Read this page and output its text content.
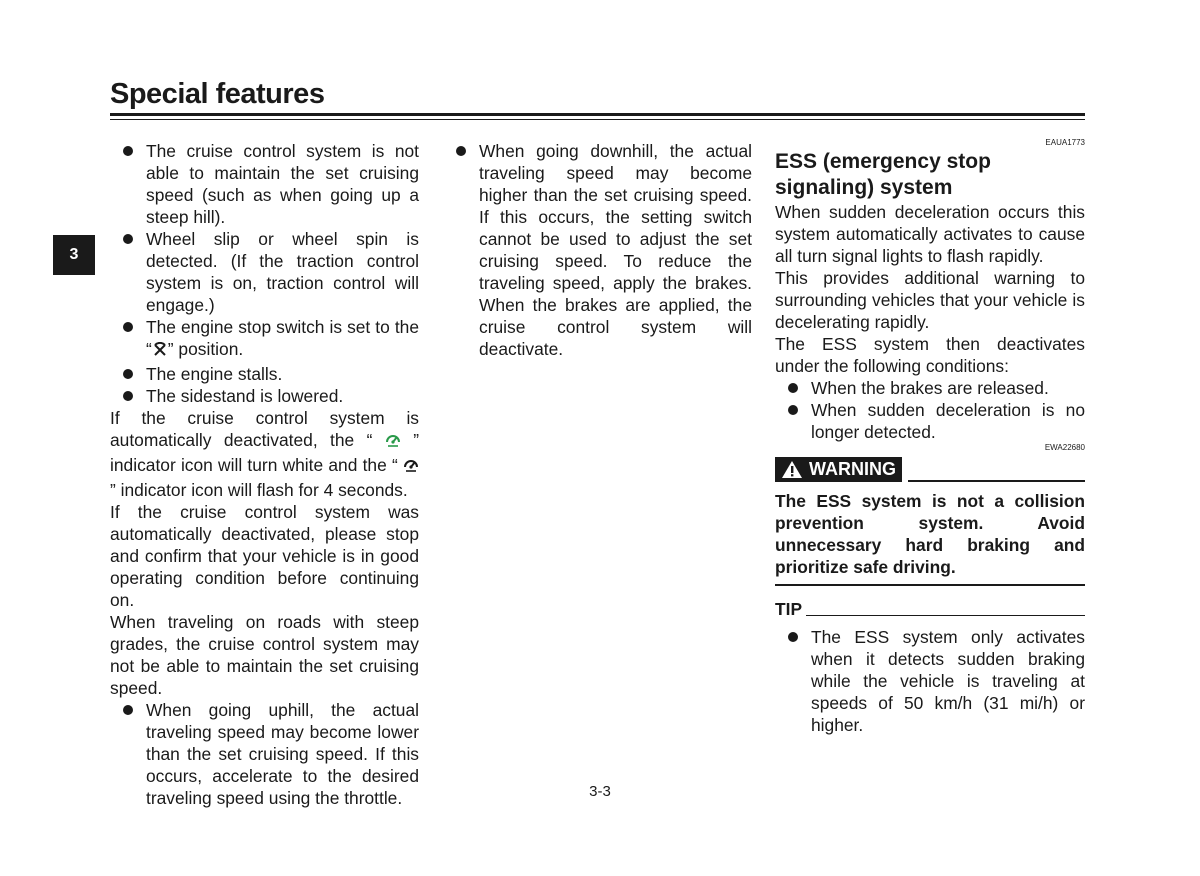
Special features
3
The cruise control system is not able to maintain the set cruising speed (such as when going up a steep hill).
Wheel slip or wheel spin is detected. (If the traction control system is on, traction control will engage.)
The engine stop switch is set to the “ ” position.
The engine stalls.
The sidestand is lowered.

If the cruise control system is automatically deactivated, the “  ” indicator icon will turn white and the “  ” indicator icon will flash for 4 seconds.

If the cruise control system was automatically deactivated, please stop and confirm that your vehicle is in good operating condition before continuing on.

When traveling on roads with steep grades, the cruise control system may not be able to maintain the set cruising speed.

When going uphill, the actual traveling speed may become lower than the set cruising speed. If this occurs, accelerate to the desired traveling speed using the throttle.
When going downhill, the actual traveling speed may become higher than the set cruising speed. If this occurs, the setting switch cannot be used to adjust the set cruising speed. To reduce the traveling speed, apply the brakes. When the brakes are applied, the cruise control system will deactivate.
EAUA1773
ESS (emergency stop signaling) system

When sudden deceleration occurs this system automatically activates to cause all turn signal lights to flash rapidly.

This provides additional warning to surrounding vehicles that your vehicle is decelerating rapidly.

The ESS system then deactivates under the following conditions:

When the brakes are released.
When sudden deceleration is no longer detected.
EWA22680
WARNING

The ESS system is not a collision prevention system. Avoid unnecessary hard braking and prioritize safe driving.

TIP
The ESS system only activates when it detects sudden braking while the vehicle is traveling at speeds of 50 km/h (31 mi/h) or higher.
3-3
